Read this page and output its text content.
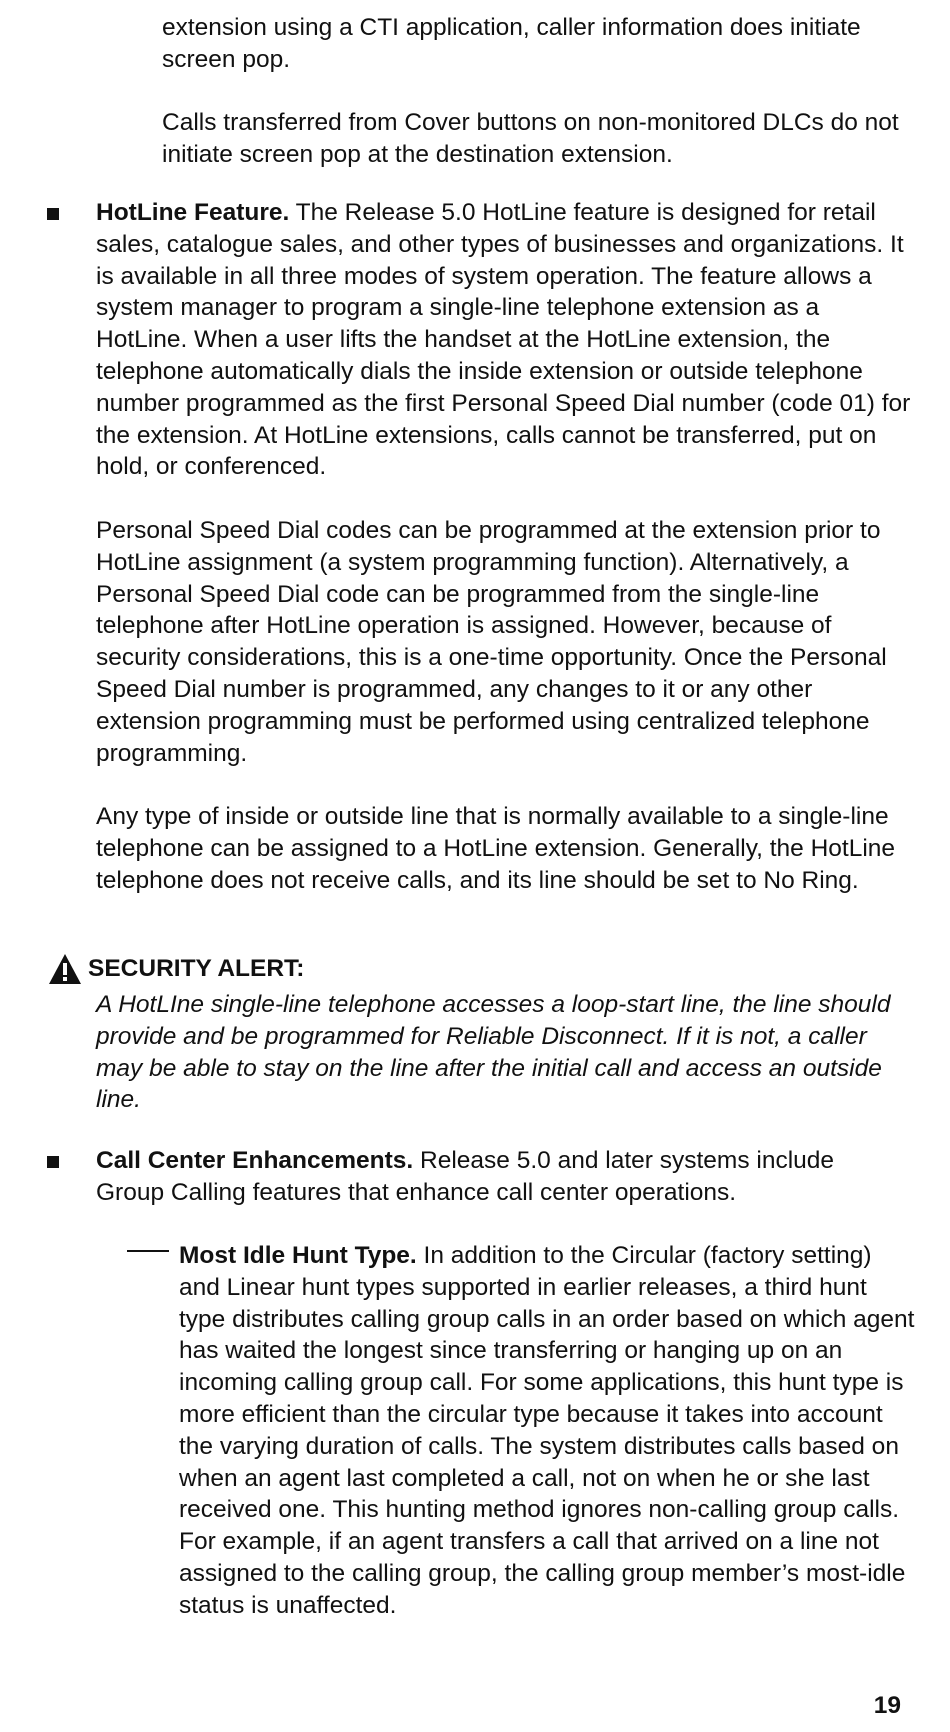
extension using a CTI application, caller information does initiate screen pop.

Calls transferred from Cover buttons on non-monitored DLCs do not initiate screen pop at the destination extension.

HotLine Feature. The Release 5.0 HotLine feature is designed for retail sales, catalogue sales, and other types of businesses and organizations. It is available in all three modes of system operation. The feature allows a system manager to program a single-line telephone extension as a HotLine. When a user lifts the handset at the HotLine extension, the telephone automatically dials the inside extension or outside telephone number programmed as the first Personal Speed Dial number (code 01) for the extension. At HotLine extensions, calls cannot be transferred, put on hold, or conferenced.

Personal Speed Dial codes can be programmed at the extension prior to HotLine assignment (a system programming function). Alternatively, a Personal Speed Dial code can be programmed from the single-line telephone after HotLine operation is assigned. However, because of security considerations, this is a one-time opportunity. Once the Personal Speed Dial number is programmed, any changes to it or any other extension programming must be performed using centralized telephone programming.

Any type of inside or outside line that is normally available to a single-line telephone can be assigned to a HotLine extension. Generally, the HotLine telephone does not receive calls, and its line should be set to No Ring.

SECURITY ALERT:

A HotLIne single-line telephone accesses a loop-start line, the line should provide and be programmed for Reliable Disconnect. If it is not, a caller may be able to stay on the line after the initial call and access an outside line.

Call Center Enhancements. Release 5.0 and later systems include Group Calling features that enhance call center operations.

Most Idle Hunt Type. In addition to the Circular (factory setting) and Linear hunt types supported in earlier releases, a third hunt type distributes calling group calls in an order based on which agent has waited the longest since transferring or hanging up on an incoming calling group call. For some applications, this hunt type is more efficient than the circular type because it takes into account the varying duration of calls. The system distributes calls based on when an agent last completed a call, not on when he or she last received one. This hunting method ignores non-calling group calls. For example, if an agent transfers a call that arrived on a line not assigned to the calling group, the calling group member’s most-idle status is unaffected.

19
